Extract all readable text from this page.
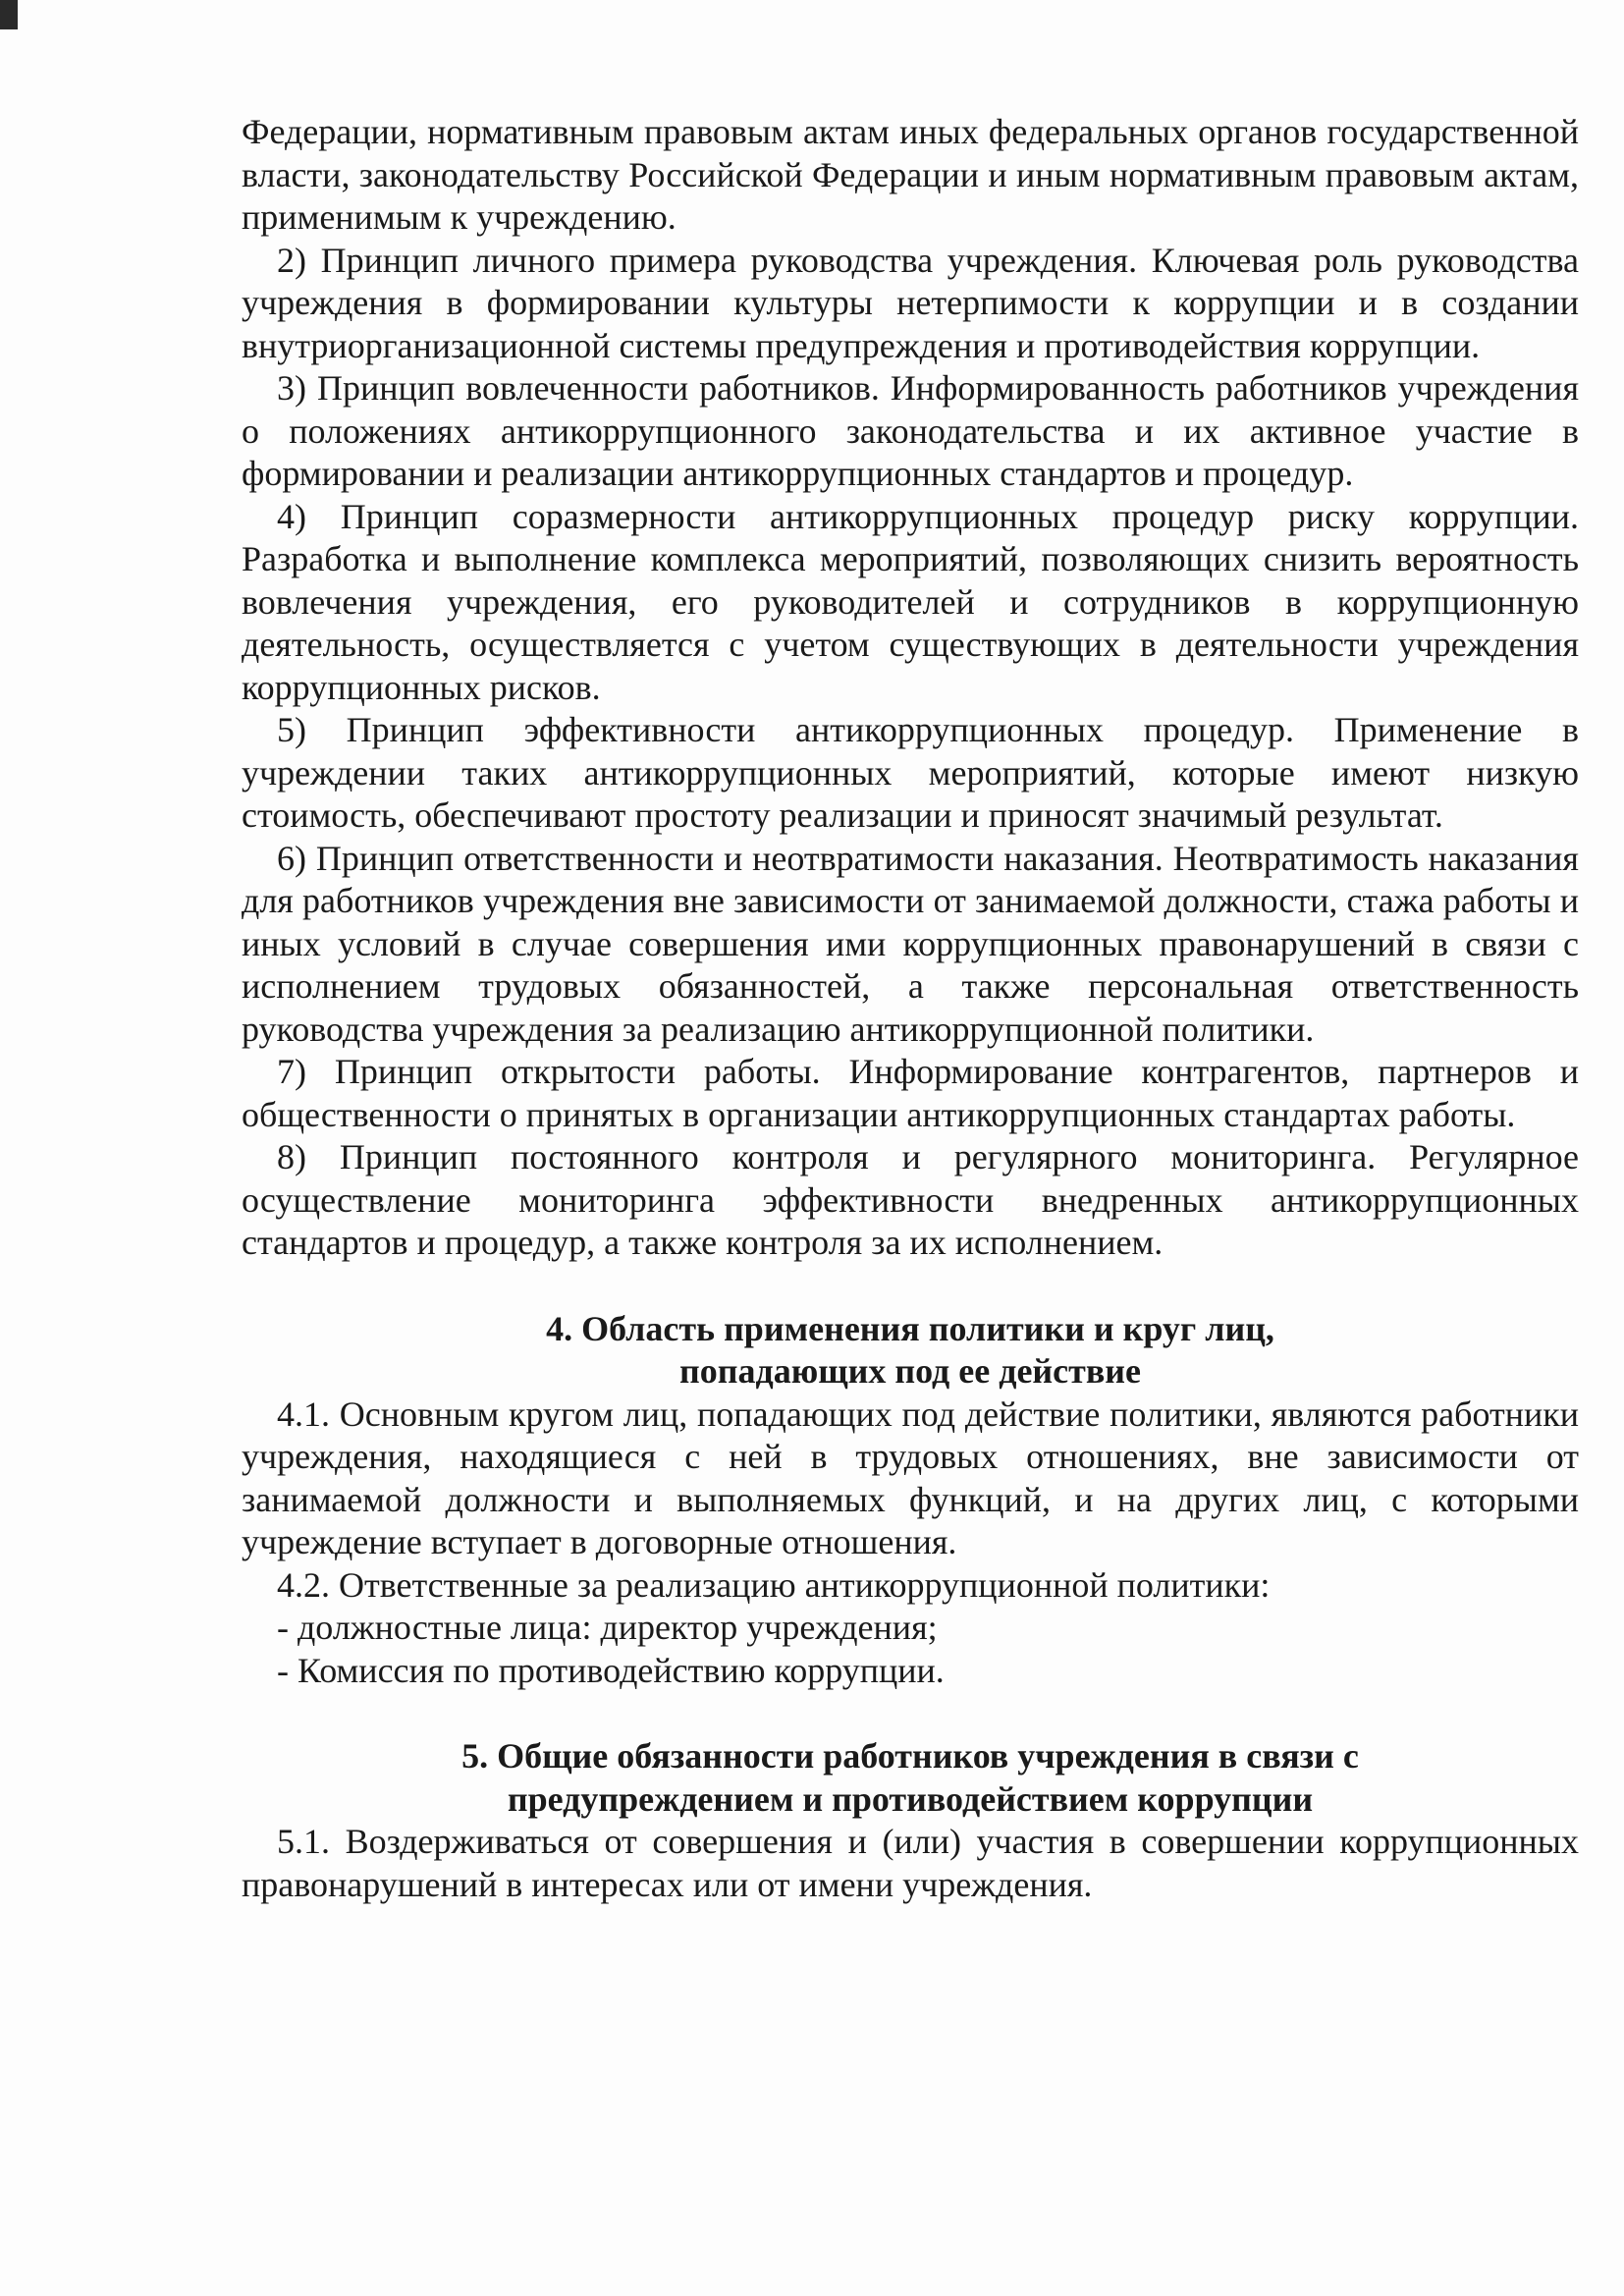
Федерации, нормативным правовым актам иных федеральных органов государственной власти, законодательству Российской Федерации и иным нормативным правовым актам, применимым к учреждению.

2) Принцип личного примера руководства учреждения. Ключевая роль руководства учреждения в формировании культуры нетерпимости к коррупции и в создании внутриорганизационной системы предупреждения и противодействия коррупции.

3) Принцип вовлеченности работников. Информированность работников учреждения о положениях антикоррупционного законодательства и их активное участие в формировании и реализации антикоррупционных стандартов и процедур.

4) Принцип соразмерности антикоррупционных процедур риску коррупции. Разработка и выполнение комплекса мероприятий, позволяющих снизить вероятность вовлечения учреждения, его руководителей и сотрудников в коррупционную деятельность, осуществляется с учетом существующих в деятельности учреждения коррупционных рисков.

5) Принцип эффективности антикоррупционных процедур. Применение в учреждении таких антикоррупционных мероприятий, которые имеют низкую стоимость, обеспечивают простоту реализации и приносят значимый результат.

6) Принцип ответственности и неотвратимости наказания. Неотвратимость наказания для работников учреждения вне зависимости от занимаемой должности, стажа работы и иных условий в случае совершения ими коррупционных правонарушений в связи с исполнением трудовых обязанностей, а также персональная ответственность руководства учреждения за реализацию антикоррупционной политики.

7) Принцип открытости работы. Информирование контрагентов, партнеров и общественности о принятых в организации антикоррупционных стандартах работы.

8) Принцип постоянного контроля и регулярного мониторинга. Регулярное осуществление мониторинга эффективности внедренных антикоррупционных стандартов и процедур, а также контроля за их исполнением.

4. Область применения политики и круг лиц,

попадающих под ее действие

4.1. Основным кругом лиц, попадающих под действие политики, являются работники учреждения, находящиеся с ней в трудовых отношениях, вне зависимости от занимаемой должности и выполняемых функций, и на других лиц, с которыми учреждение вступает в договорные отношения.

4.2. Ответственные за реализацию антикоррупционной политики:

- должностные лица: директор учреждения;

- Комиссия по противодействию коррупции.

5. Общие обязанности работников учреждения в связи с

предупреждением и противодействием коррупции

5.1. Воздерживаться от совершения и (или) участия в совершении коррупционных правонарушений в интересах или от имени учреждения.
